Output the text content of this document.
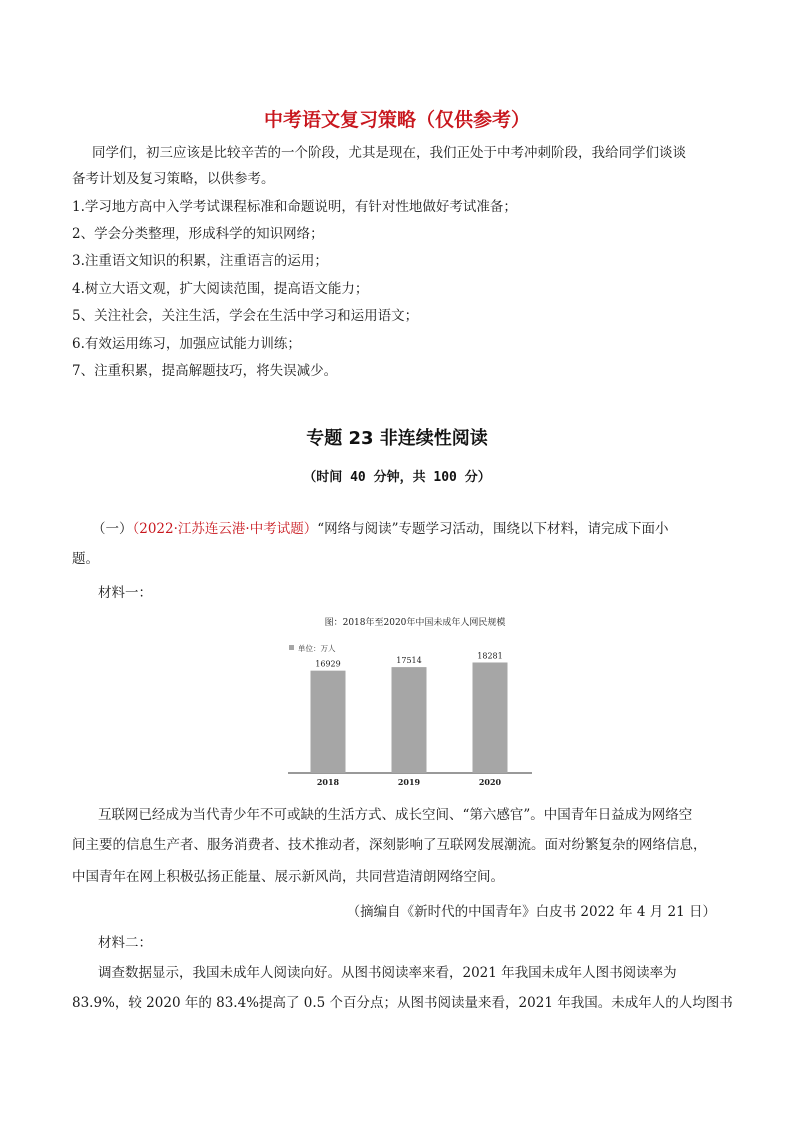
中考语文复习策略（仅供参考）
同学们，初三应该是比较辛苦的一个阶段，尤其是现在，我们正处于中考冲刺阶段，我给同学们谈谈
备考计划及复习策略，以供参考。
1.学习地方高中入学考试课程标准和命题说明，有针对性地做好考试准备；
2、学会分类整理，形成科学的知识网络；
3.注重语文知识的积累，注重语言的运用；
4.树立大语文观，扩大阅读范围，提高语文能力；
5、关注社会，关注生活，学会在生活中学习和运用语文；
6.有效运用练习，加强应试能力训练；
7、注重积累，提高解题技巧，将失误减少。
专题 23 非连续性阅读
（时间 40 分钟，共 100 分）
（一）（2022·江苏连云港·中考试题）“网络与阅读”专题学习活动，围绕以下材料，请完成下面小
题。
材料一：
图：2018年至2020年中国未成年人网民规模
单位：万人
16929
2018
17514
2019
18281
2020
互联网已经成为当代青少年不可或缺的生活方式、成长空间、“第六感官”。中国青年日益成为网络空
间主要的信息生产者、服务消费者、技术推动者，深刻影响了互联网发展潮流。面对纷繁复杂的网络信息，
中国青年在网上积极弘扬正能量、展示新风尚，共同营造清朗网络空间。
（摘编自《新时代的中国青年》白皮书 2022 年 4 月 21 日）
材料二：
调查数据显示，我国未成年人阅读向好。从图书阅读率来看，2021 年我国未成年人图书阅读率为
83.9%，较 2020 年的 83.4%提高了 0.5 个百分点；从图书阅读量来看，2021 年我国。未成年人的人均图书
